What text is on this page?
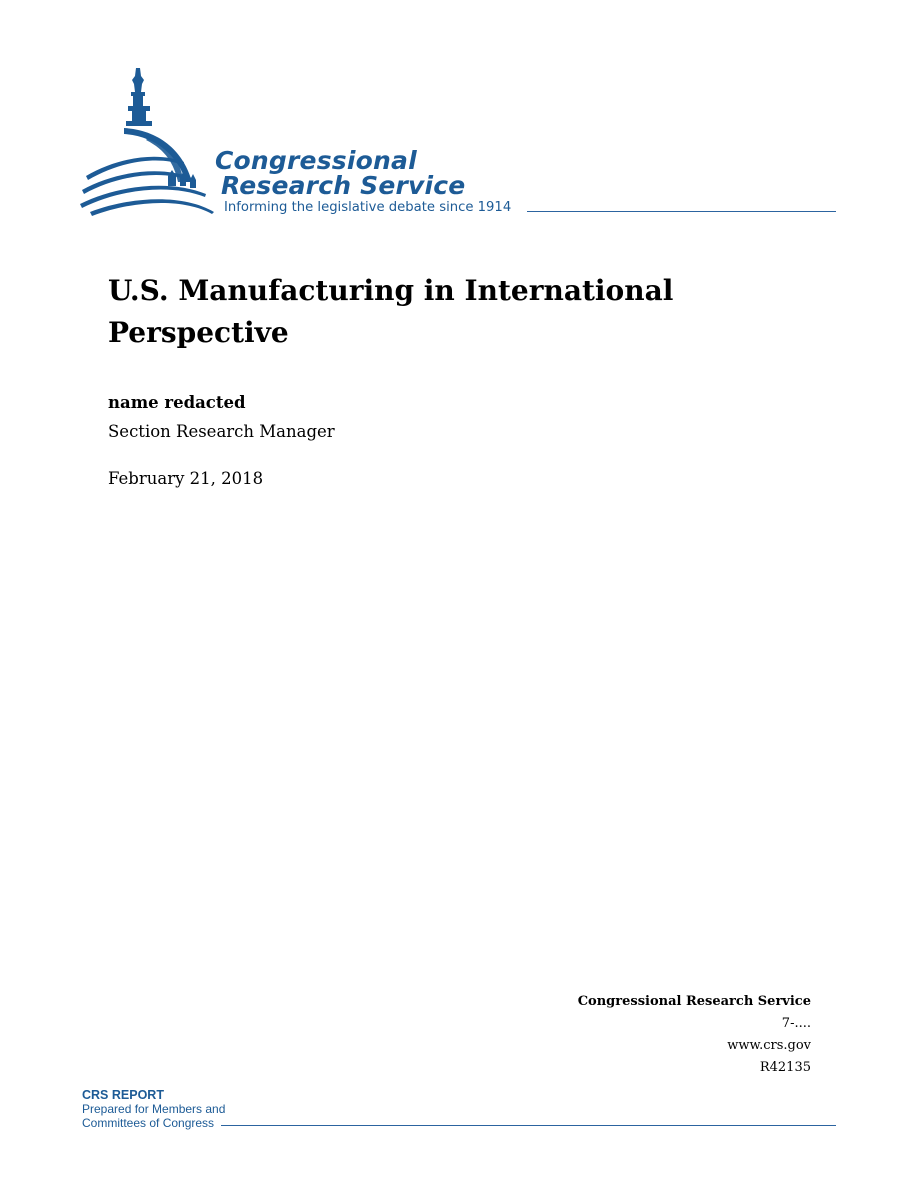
Congressional
Research Service
Informing the legislative debate since 1914
U.S. Manufacturing in International Perspective
name redacted
Section Research Manager
February 21, 2018
Congressional Research Service
7-....
www.crs.gov
R42135
CRS REPORT
Prepared for Members and
Committees of Congress
